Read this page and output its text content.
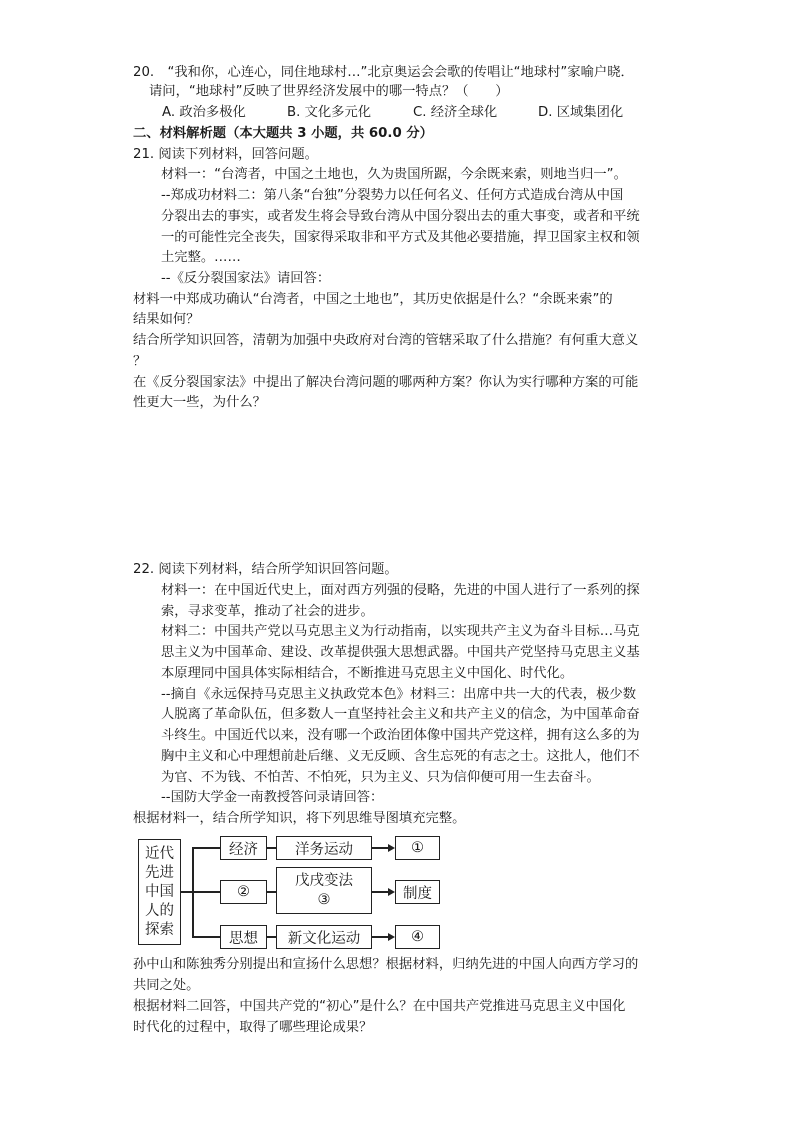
20.　“我和你，心连心，同住地球村…”北京奥运会会歌的传唱让“地球村”家喻户晓．
请问，“地球村”反映了世界经济发展中的哪一特点？（　　）
A. 政治多极化	B. 文化多元化	C. 经济全球化	D. 区域集团化
二、材料解析题（本大题共 3 小题，共 60.0 分）
21. 阅读下列材料，回答问题。
材料一：“台湾者，中国之土地也，久为贵国所踞，今余既来索，则地当归一”。
--郑成功材料二：第八条“台独”分裂势力以任何名义、任何方式造成台湾从中国
分裂出去的事实，或者发生将会导致台湾从中国分裂出去的重大事变，或者和平统
一的可能性完全丧失，国家得采取非和平方式及其他必要措施，捍卫国家主权和领
土完整。……
--《反分裂国家法》请回答：
材料一中郑成功确认“台湾者，中国之土地也”，其历史依据是什么？“余既来索”的
结果如何？
结合所学知识回答，清朝为加强中央政府对台湾的管辖采取了什么措施？有何重大意义
？
在《反分裂国家法》中提出了解决台湾问题的哪两种方案？你认为实行哪种方案的可能
性更大一些，为什么？
22. 阅读下列材料，结合所学知识回答问题。
材料一：在中国近代史上，面对西方列强的侵略，先进的中国人进行了一系列的探
索，寻求变革，推动了社会的进步。
材料二：中国共产党以马克思主义为行动指南，以实现共产主义为奋斗目标…马克
思主义为中国革命、建设、改革提供强大思想武器。中国共产党坚持马克思主义基
本原理同中国具体实际相结合，不断推进马克思主义中国化、时代化。
--摘自《永远保持马克思主义执政党本色》材料三：出席中共一大的代表，极少数
人脱离了革命队伍，但多数人一直坚持社会主义和共产主义的信念，为中国革命奋
斗终生。中国近代以来，没有哪一个政治团体像中国共产党这样，拥有这么多的为
胸中主义和心中理想前赴后继、义无反顾、含生忘死的有志之士。这批人，他们不
为官、不为钱、不怕苦、不怕死，只为主义、只为信仰便可用一生去奋斗。
--国防大学金一南教授答问录请回答：
根据材料一，结合所学知识，将下列思维导图填充完整。
近代
先进
中国
人的
探索
经济	洋务运动	①
②
戊戌变法
③	制度
思想 新文化运动	④
孙中山和陈独秀分别提出和宣扬什么思想？根据材料，归纳先进的中国人向西方学习的
共同之处。
根据材料二回答，中国共产党的“初心”是什么？在中国共产党推进马克思主义中国化
时代化的过程中，取得了哪些理论成果？
